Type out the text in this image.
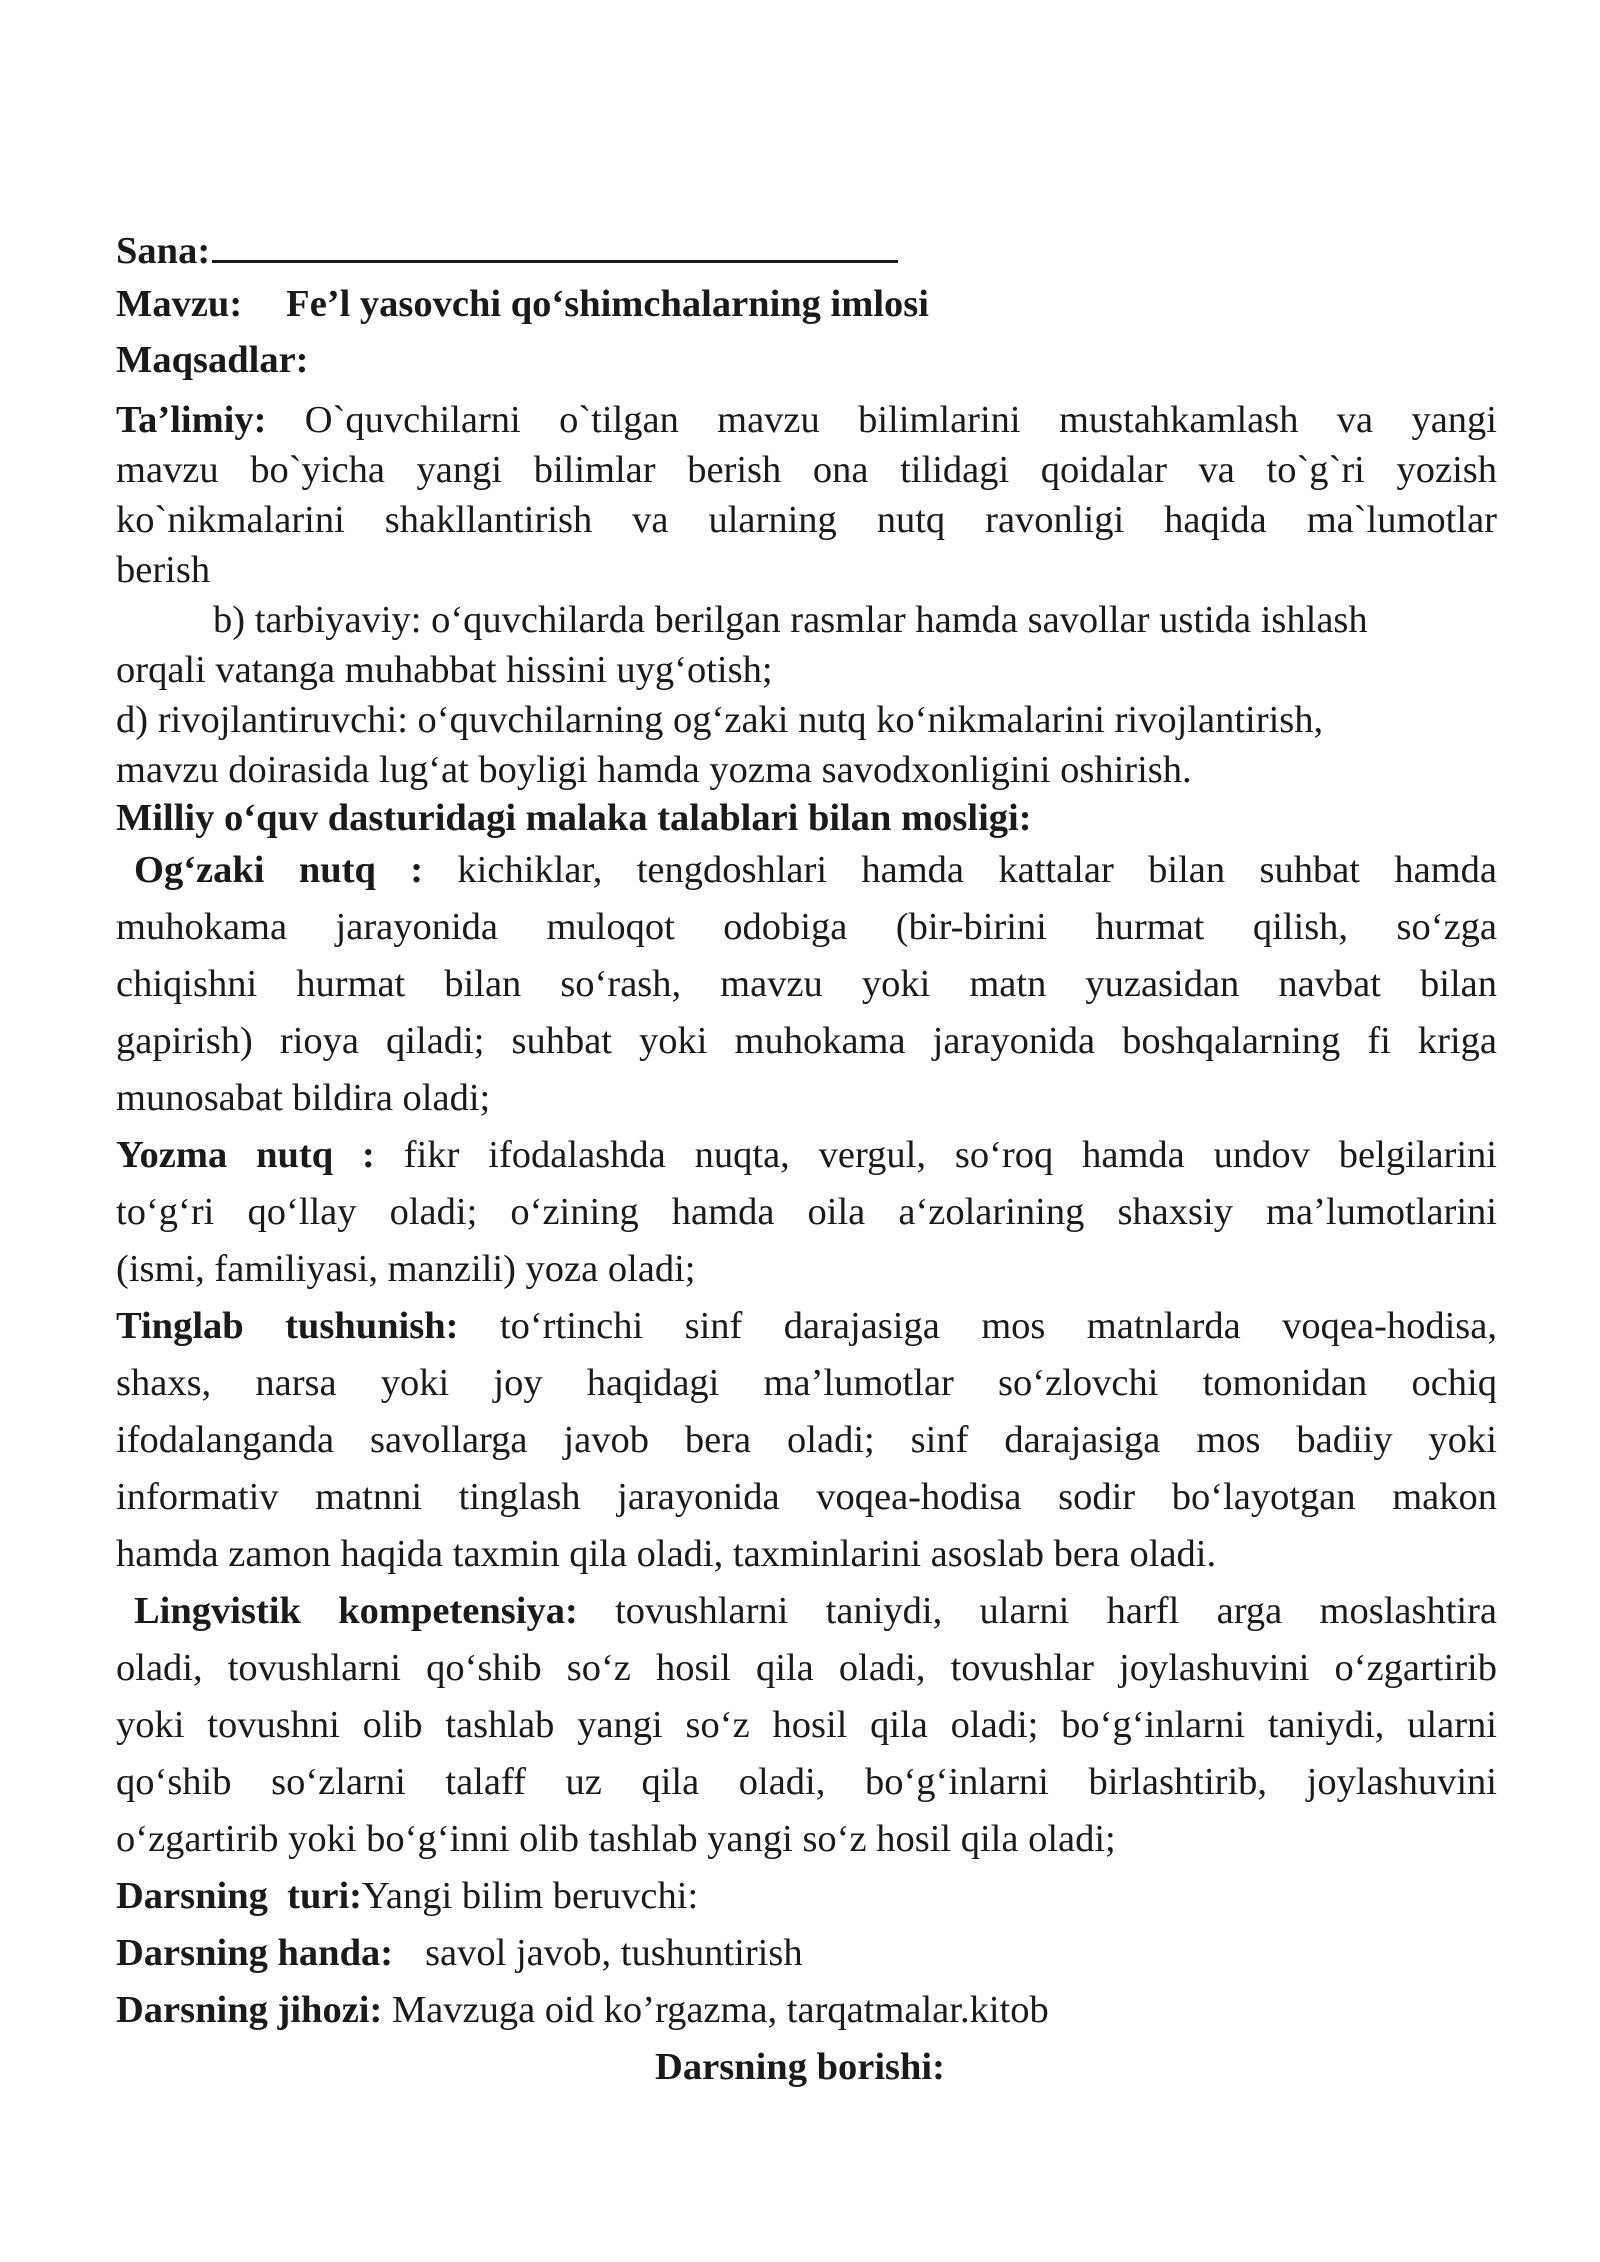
Sana:
Mavzu: Fe’l yasovchi qo‘shimchalarning imlosi
Maqsadlar:
Ta’limiy: O`quvchilarni o`tilgan mavzu bilimlarini mustahkamlash va yangi
mavzu bo`yicha yangi bilimlar berish ona tilidagi qoidalar va to`g`ri yozish
ko`nikmalarini shakllantirish va ularning nutq ravonligi haqida ma`lumotlar
berish
b) tarbiyaviy: o‘quvchilarda berilgan rasmlar hamda savollar ustida ishlash
orqali vatanga muhabbat hissini uyg‘otish;
d) rivojlantiruvchi: o‘quvchilarning og‘zaki nutq ko‘nikmalarini rivojlantirish,
mavzu doirasida lug‘at boyligi hamda yozma savodxonligini oshirish.
Milliy o‘quv dasturidagi malaka talablari bilan mosligi:
Og‘zaki nutq : kichiklar, tengdoshlari hamda kattalar bilan suhbat hamda
muhokama jarayonida muloqot odobiga (bir-birini hurmat qilish, so‘zga
chiqishni hurmat bilan so‘rash, mavzu yoki matn yuzasidan navbat bilan
gapirish) rioya qiladi; suhbat yoki muhokama jarayonida boshqalarning fi kriga
munosabat bildira oladi;
Yozma nutq : fikr ifodalashda nuqta, vergul, so‘roq hamda undov belgilarini
to‘g‘ri qo‘llay oladi; o‘zining hamda oila a‘zolarining shaxsiy ma’lumotlarini
(ismi, familiyasi, manzili) yoza oladi;
Tinglab tushunish: to‘rtinchi sinf darajasiga mos matnlarda voqea-hodisa,
shaxs, narsa yoki joy haqidagi ma’lumotlar so‘zlovchi tomonidan ochiq
ifodalanganda savollarga javob bera oladi; sinf darajasiga mos badiiy yoki
informativ matnni tinglash jarayonida voqea-hodisa sodir bo‘layotgan makon
hamda zamon haqida taxmin qila oladi, taxminlarini asoslab bera oladi.
Lingvistik kompetensiya: tovushlarni taniydi, ularni harfl arga moslashtira
oladi, tovushlarni qo‘shib so‘z hosil qila oladi, tovushlar joylashuvini o‘zgartirib
yoki tovushni olib tashlab yangi so‘z hosil qila oladi; bo‘g‘inlarni taniydi, ularni
qo‘shib so‘zlarni talaff uz qila oladi, bo‘g‘inlarni birlashtirib, joylashuvini
o‘zgartirib yoki bo‘g‘inni olib tashlab yangi so‘z hosil qila oladi;
Darsning  turi:Yangi bilim beruvchi:
Darsning handa: savol javob, tushuntirish
Darsning jihozi: Mavzuga oid ko’rgazma, tarqatmalar.kitob
Darsning borishi:
